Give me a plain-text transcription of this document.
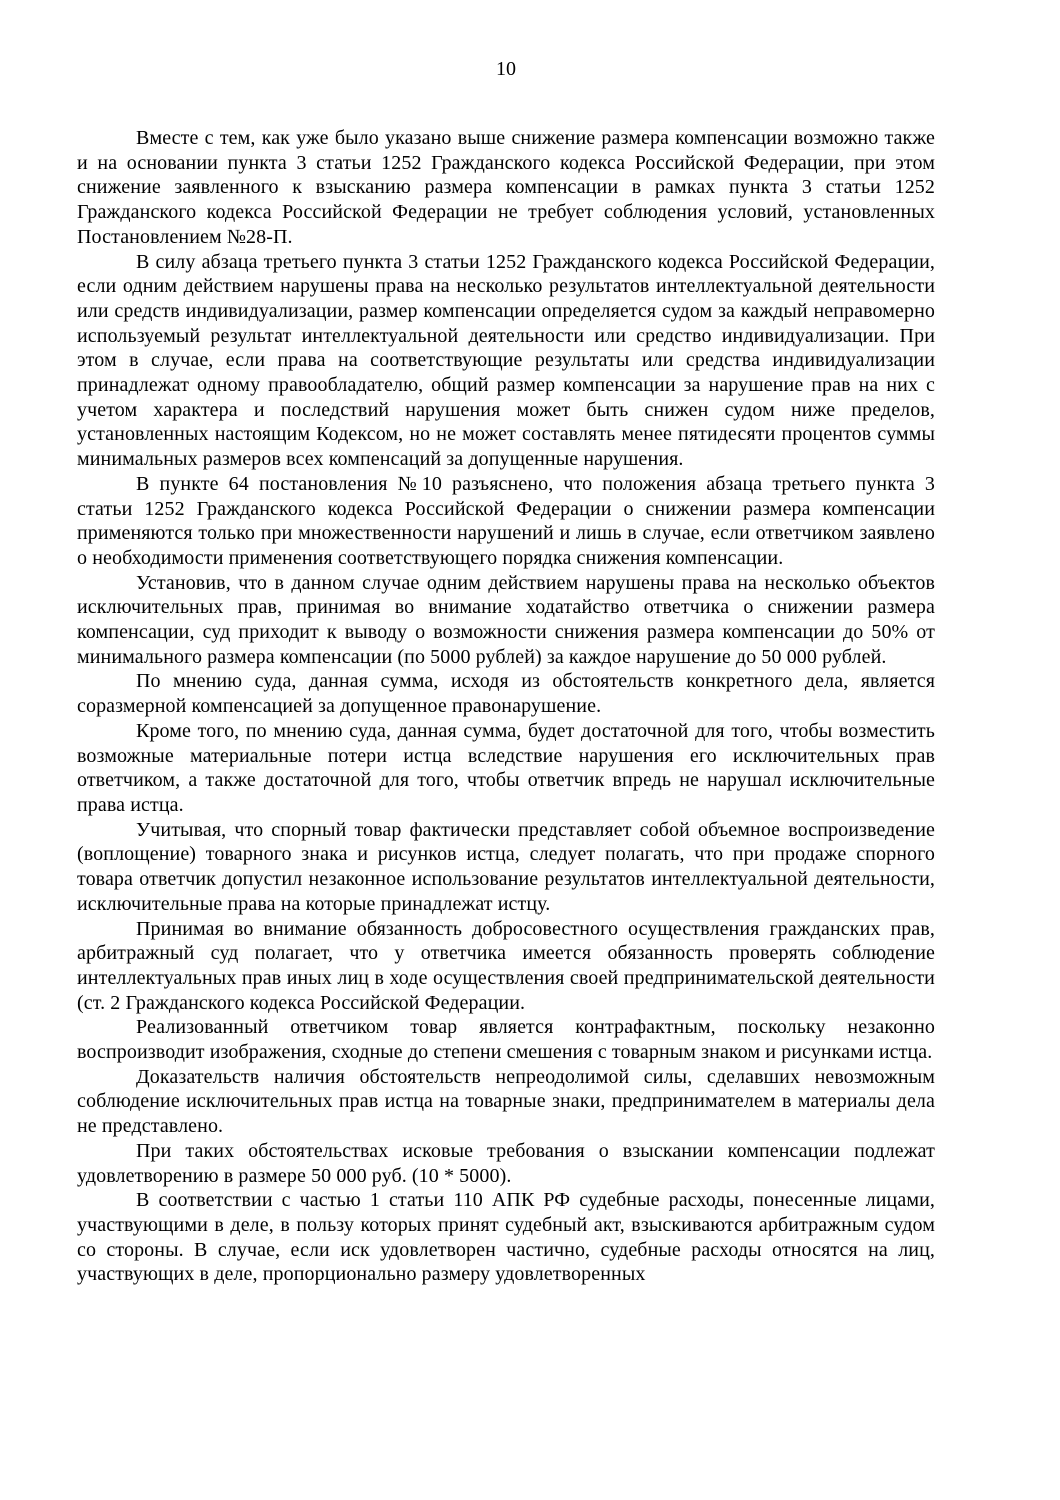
10

Вместе с тем, как уже было указано выше снижение размера компенсации возможно также и на основании пункта 3 статьи 1252 Гражданского кодекса Российской Федерации, при этом снижение заявленного к взысканию размера компенсации в рамках пункта 3 статьи 1252 Гражданского кодекса Российской Федерации не требует соблюдения условий, установленных Постановлением №28-П.

В силу абзаца третьего пункта 3 статьи 1252 Гражданского кодекса Российской Федерации, если одним действием нарушены права на несколько результатов интеллектуальной деятельности или средств индивидуализации, размер компенсации определяется судом за каждый неправомерно используемый результат интеллектуальной деятельности или средство индивидуализации. При этом в случае, если права на соответствующие результаты или средства индивидуализации принадлежат одному правообладателю, общий размер компенсации за нарушение прав на них с учетом характера и последствий нарушения может быть снижен судом ниже пределов, установленных настоящим Кодексом, но не может составлять менее пятидесяти процентов суммы минимальных размеров всех компенсаций за допущенные нарушения.

В пункте 64 постановления №10 разъяснено, что положения абзаца третьего пункта 3 статьи 1252 Гражданского кодекса Российской Федерации о снижении размера компенсации применяются только при множественности нарушений и лишь в случае, если ответчиком заявлено о необходимости применения соответствующего порядка снижения компенсации.

Установив, что в данном случае одним действием нарушены права на несколько объектов исключительных прав, принимая во внимание ходатайство ответчика о снижении размера компенсации, суд приходит к выводу о возможности снижения размера компенсации до 50% от минимального размера компенсации (по 5000 рублей) за каждое нарушение до 50 000 рублей.

По мнению суда, данная сумма, исходя из обстоятельств конкретного дела, является соразмерной компенсацией за допущенное правонарушение.

Кроме того, по мнению суда, данная сумма, будет достаточной для того, чтобы возместить возможные материальные потери истца вследствие нарушения его исключительных прав ответчиком, а также достаточной для того, чтобы ответчик впредь не нарушал исключительные права истца.

Учитывая, что спорный товар фактически представляет собой объемное воспроизведение (воплощение) товарного знака и рисунков истца, следует полагать, что при продаже спорного товара ответчик допустил незаконное использование результатов интеллектуальной деятельности, исключительные права на которые принадлежат истцу.

Принимая во внимание обязанность добросовестного осуществления гражданских прав, арбитражный суд полагает, что у ответчика имеется обязанность проверять соблюдение интеллектуальных прав иных лиц в ходе осуществления своей предпринимательской деятельности (ст. 2 Гражданского кодекса Российской Федерации.

Реализованный ответчиком товар является контрафактным, поскольку незаконно воспроизводит изображения, сходные до степени смешения с товарным знаком и рисунками истца.

Доказательств наличия обстоятельств непреодолимой силы, сделавших невозможным соблюдение исключительных прав истца на товарные знаки, предпринимателем в материалы дела не представлено.

При таких обстоятельствах исковые требования о взыскании компенсации подлежат удовлетворению в размере 50 000 руб. (10 * 5000).

В соответствии с частью 1 статьи 110 АПК РФ судебные расходы, понесенные лицами, участвующими в деле, в пользу которых принят судебный акт, взыскиваются арбитражным судом со стороны. В случае, если иск удовлетворен частично, судебные расходы относятся на лиц, участвующих в деле, пропорционально размеру удовлетворенных
